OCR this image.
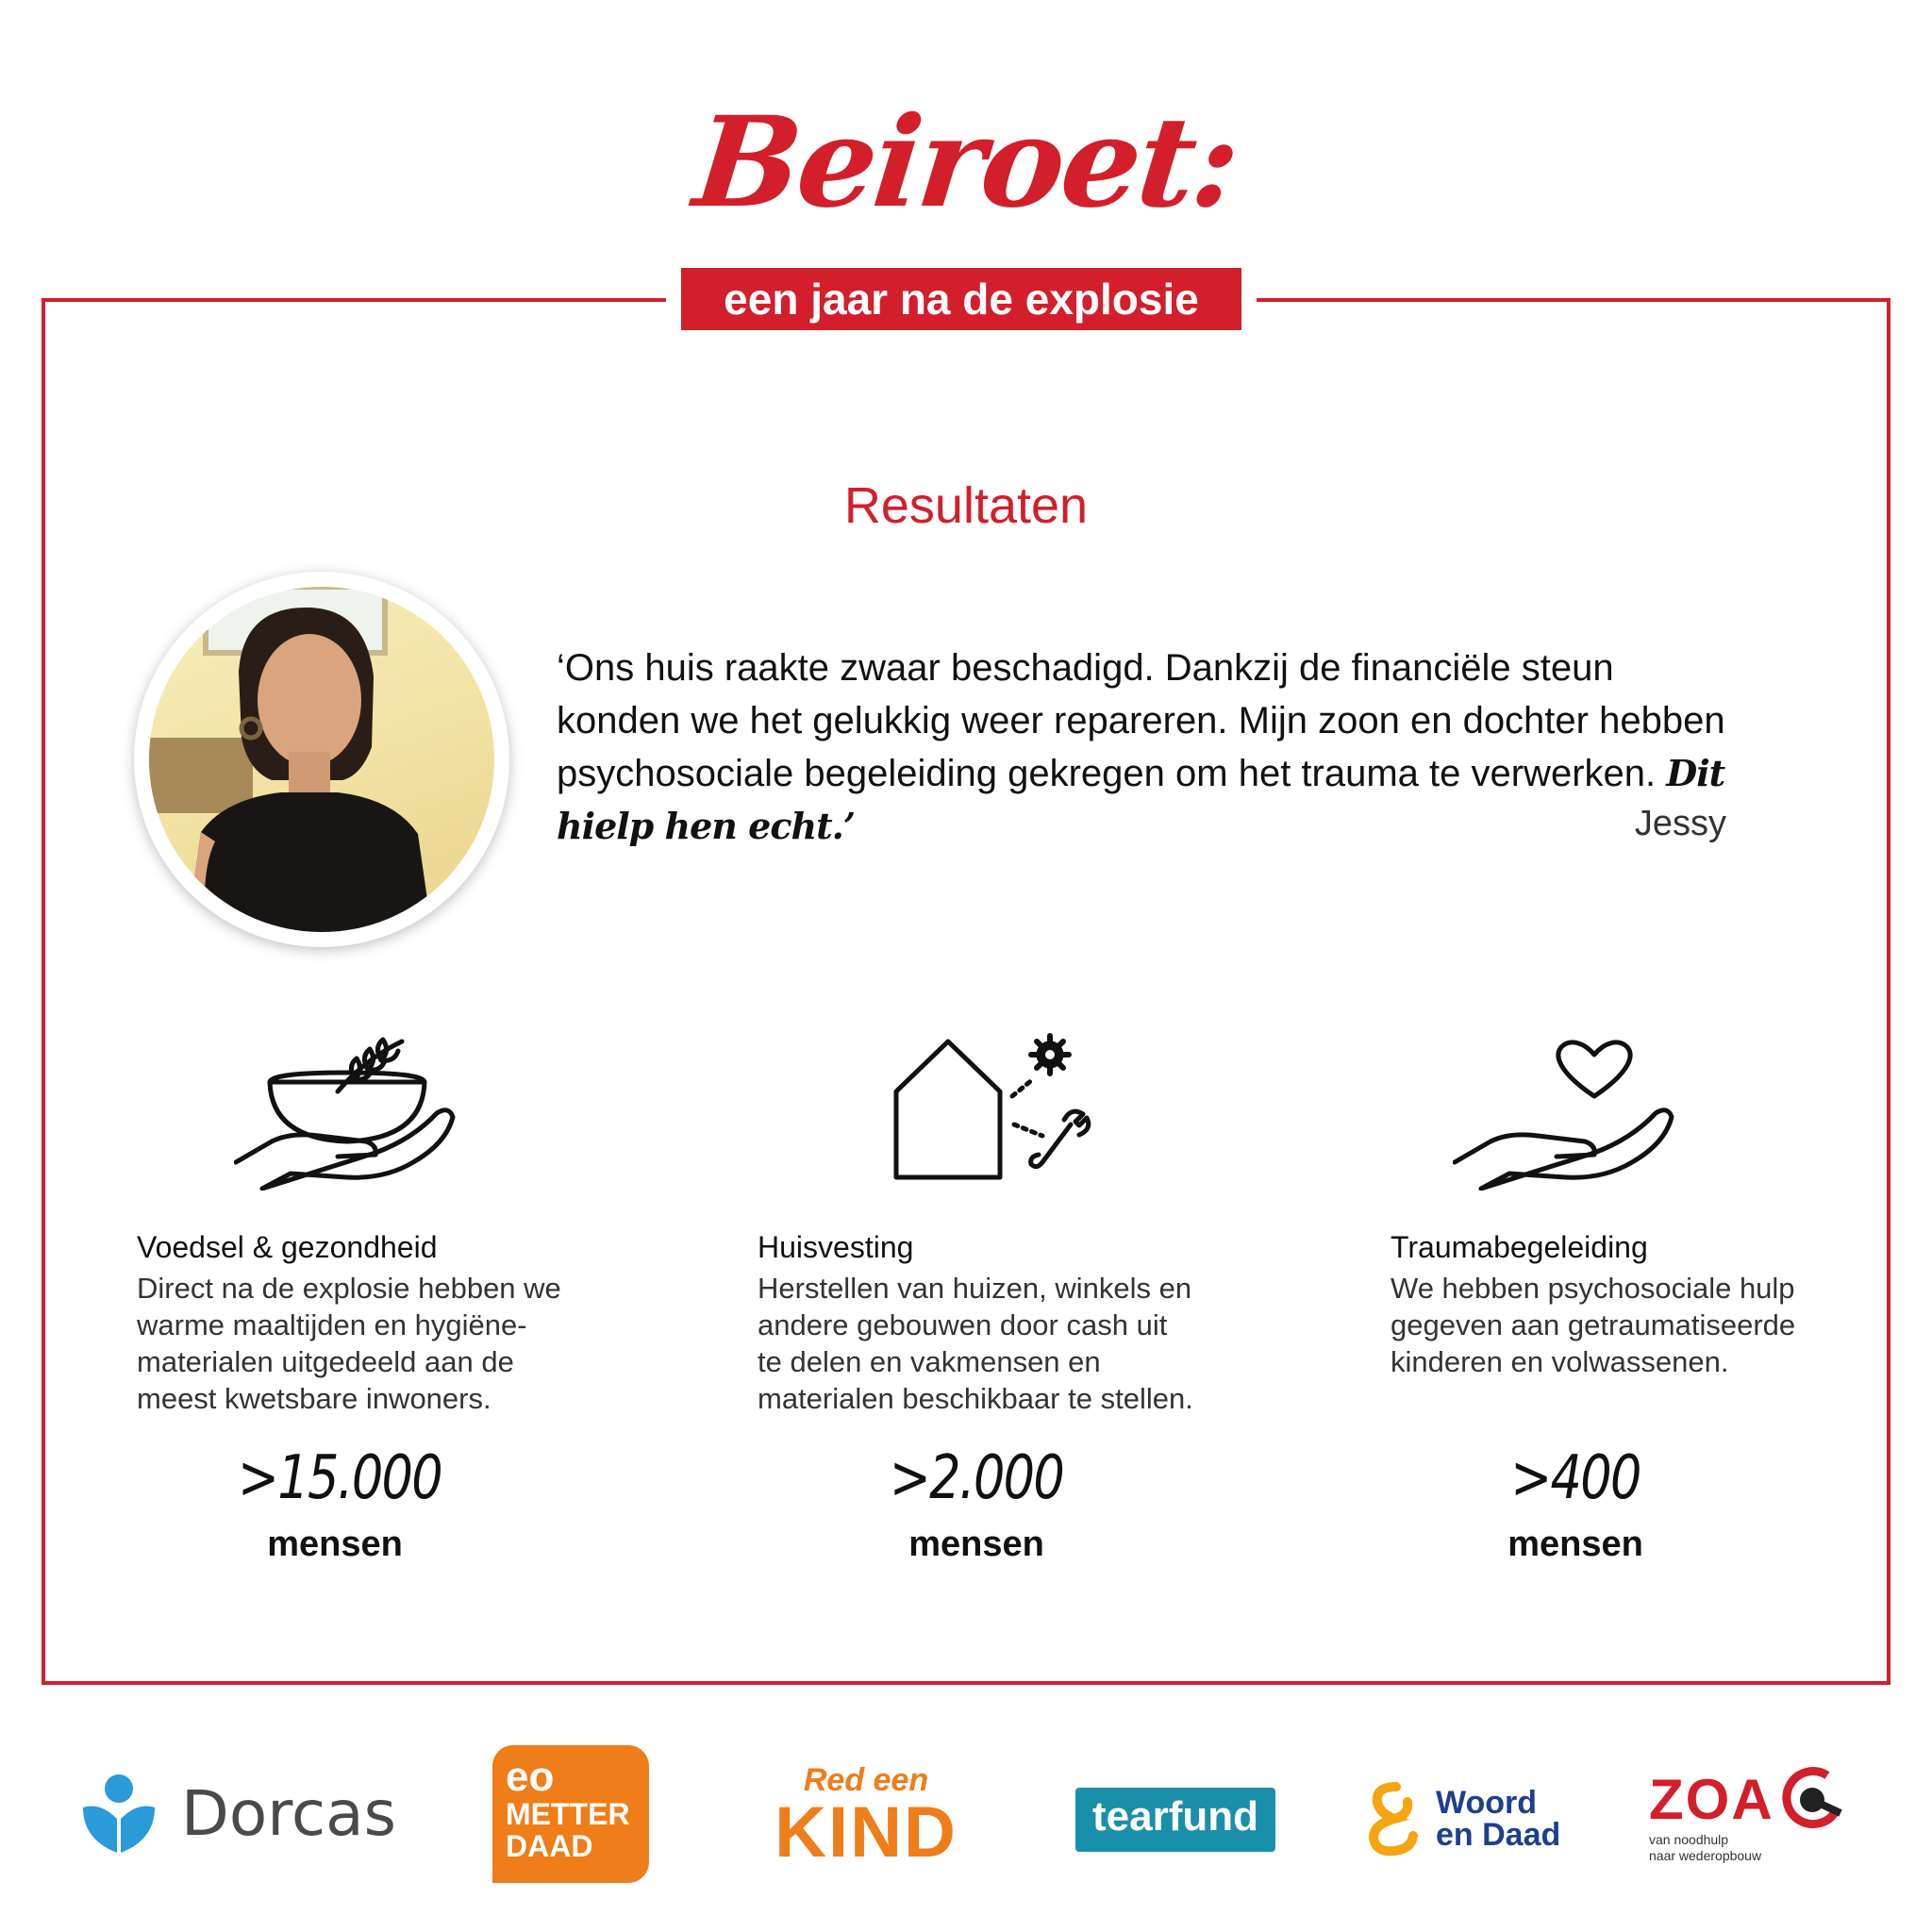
Beiroet:
een jaar na de explosie
Resultaten
‘Ons huis raakte zwaar beschadigd. Dankzij de financiële steun konden we het gelukkig weer repareren. Mijn zoon en dochter hebben psychosociale begeleiding gekregen om het trauma te verwerken. Dit hielp hen echt.’	Jessy
Voedsel & gezondheid
Direct na de explosie hebben we
warme maaltijden en hygiëne-
materialen uitgedeeld aan de
meest kwetsbare inwoners.
>15.000
mensen
Huisvesting
Herstellen van huizen, winkels en
andere gebouwen door cash uit
te delen en vakmensen en
materialen beschikbaar te stellen.
>2.000
mensen
Traumabegeleiding
We hebben psychosociale hulp
gegeven aan getraumatiseerde
kinderen en volwassenen.
>400
mensen
Dorcas	eo
METTER
DAAD
Red een
KIND	tearfund	Woord
en Daad
ZOA
van noodhulp
naar wederopbouw
